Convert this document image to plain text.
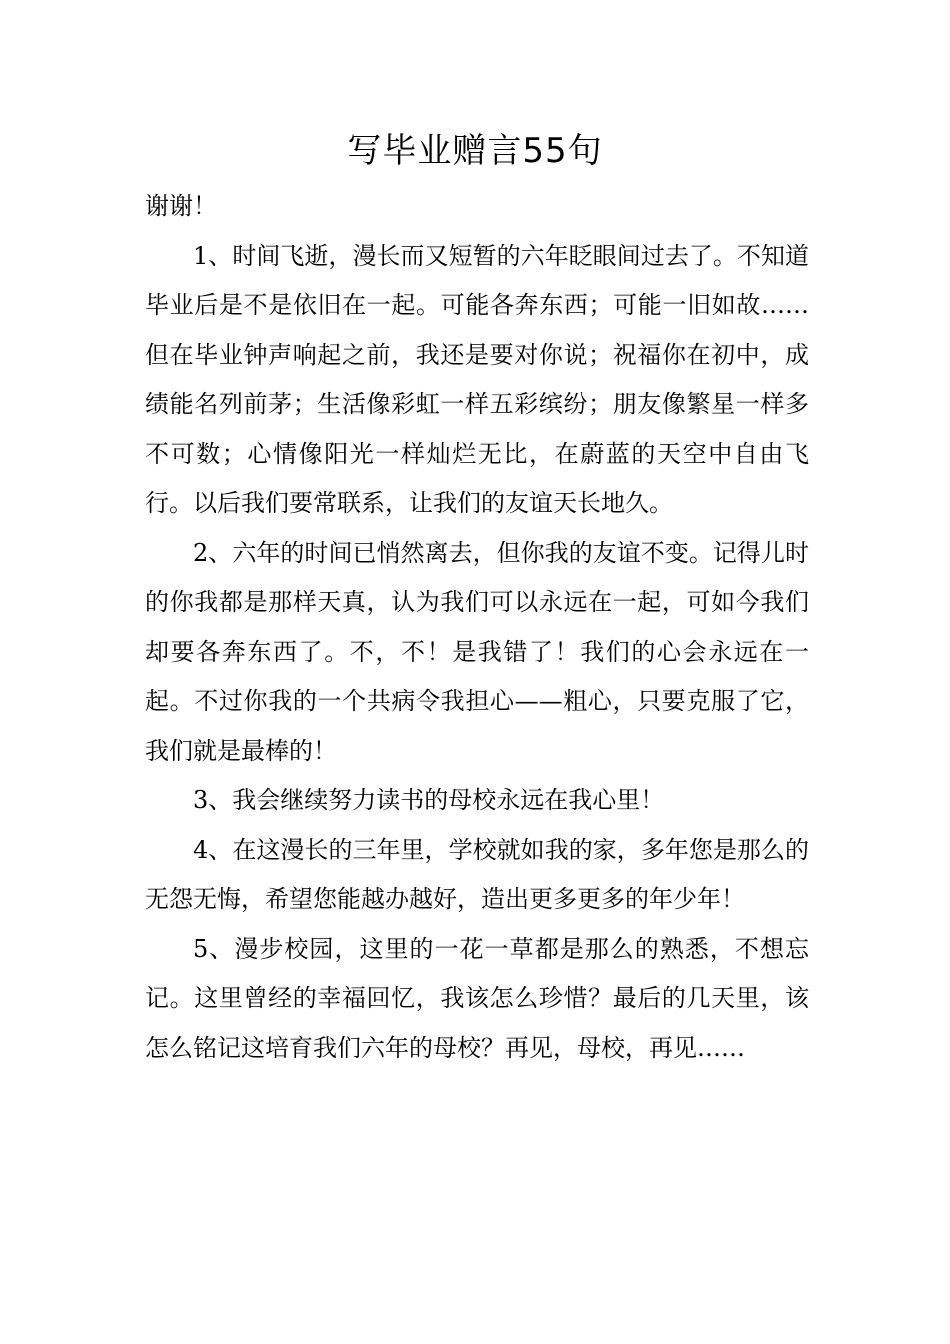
写毕业赠言55句

谢谢！

1、时间飞逝，漫长而又短暂的六年眨眼间过去了。不知道毕业后是不是依旧在一起。可能各奔东西；可能一旧如故……但在毕业钟声响起之前，我还是要对你说；祝福你在初中，成绩能名列前茅；生活像彩虹一样五彩缤纷；朋友像繁星一样多不可数；心情像阳光一样灿烂无比，在蔚蓝的天空中自由飞行。以后我们要常联系，让我们的友谊天长地久。

2、六年的时间已悄然离去，但你我的友谊不变。记得儿时的你我都是那样天真，认为我们可以永远在一起，可如今我们却要各奔东西了。不，不！是我错了！我们的心会永远在一起。不过你我的一个共病令我担心——粗心，只要克服了它，我们就是最棒的！

3、我会继续努力读书的母校永远在我心里！

4、在这漫长的三年里，学校就如我的家，多年您是那么的无怨无悔，希望您能越办越好，造出更多更多的年少年！

5、漫步校园，这里的一花一草都是那么的熟悉，不想忘记。这里曾经的幸福回忆，我该怎么珍惜？最后的几天里，该怎么铭记这培育我们六年的母校？再见，母校，再见……
